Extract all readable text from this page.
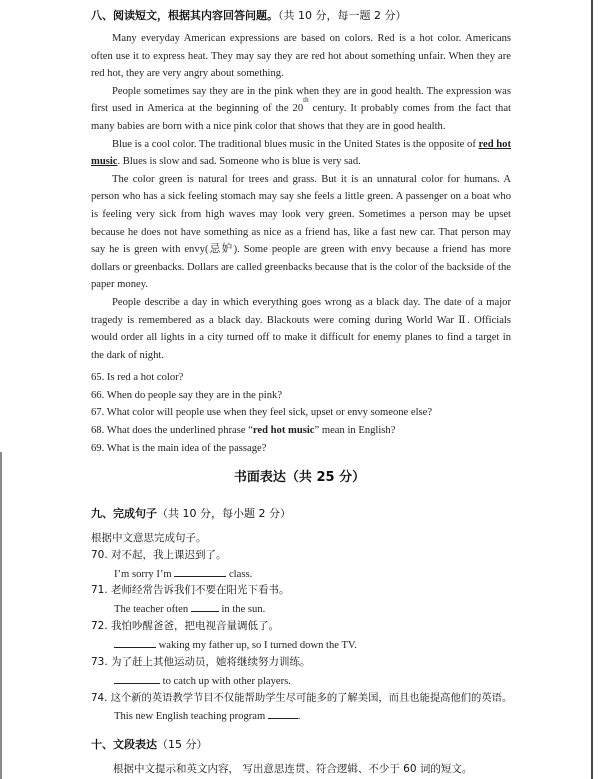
八、阅读短文，根据其内容回答问题。（共 10 分，每一题 2 分）

Many everyday American expressions are based on colors. Red is a hot color. Americans often use it to express heat. They may say they are red hot about something unfair. When they are red hot, they are very angry about something.

People sometimes say they are in the pink when they are in good health. The expression was first used in America at the beginning of the 20th century. It probably comes from the fact that many babies are born with a nice pink color that shows that they are in good health.

Blue is a cool color. The traditional blues music in the United States is the opposite of red hot music. Blues is slow and sad. Someone who is blue is very sad.

The color green is natural for trees and grass. But it is an unnatural color for humans. A person who has a sick feeling stomach may say she feels a little green. A passenger on a boat who is feeling very sick from high waves may look very green. Sometimes a person may be upset because he does not have something as nice as a friend has, like a fast new car. That person may say he is green with envy(忌妒). Some people are green with envy because a friend has more dollars or greenbacks. Dollars are called greenbacks because that is the color of the backside of the paper money.

People describe a day in which everything goes wrong as a black day. The date of a major tragedy is remembered as a black day. Blackouts were coming during World War Ⅱ. Officials would order all lights in a city turned off to make it difficult for enemy planes to find a target in the dark of night.

65. Is red a hot color?
66. When do people say they are in the pink?
67. What color will people use when they feel sick, upset or envy someone else?
68. What does the underlined phrase “red hot music” mean in English?
69. What is the main idea of the passage?
书面表达（共 25 分）
九、完成句子（共 10 分，每小题 2 分）
根据中文意思完成句子。
70. 对不起，我上课迟到了。
I’m sorry I’m	class.
71. 老师经常告诉我们不要在阳光下看书。
The teacher often	in the sun.
72. 我怕吵醒爸爸，把电视音量调低了。
waking my father up, so I turned down the TV.
73. 为了赶上其他运动员，她将继续努力训练。
to catch up with other players.
74. 这个新的英语教学节目不仅能帮助学生尽可能多的了解美国，而且也能提高他们的英语。
This new English teaching program	.
十、文段表达（15 分）
根据中文提示和英文内容， 写出意思连贯、符合逻辑、不少于 60 词的短文。
